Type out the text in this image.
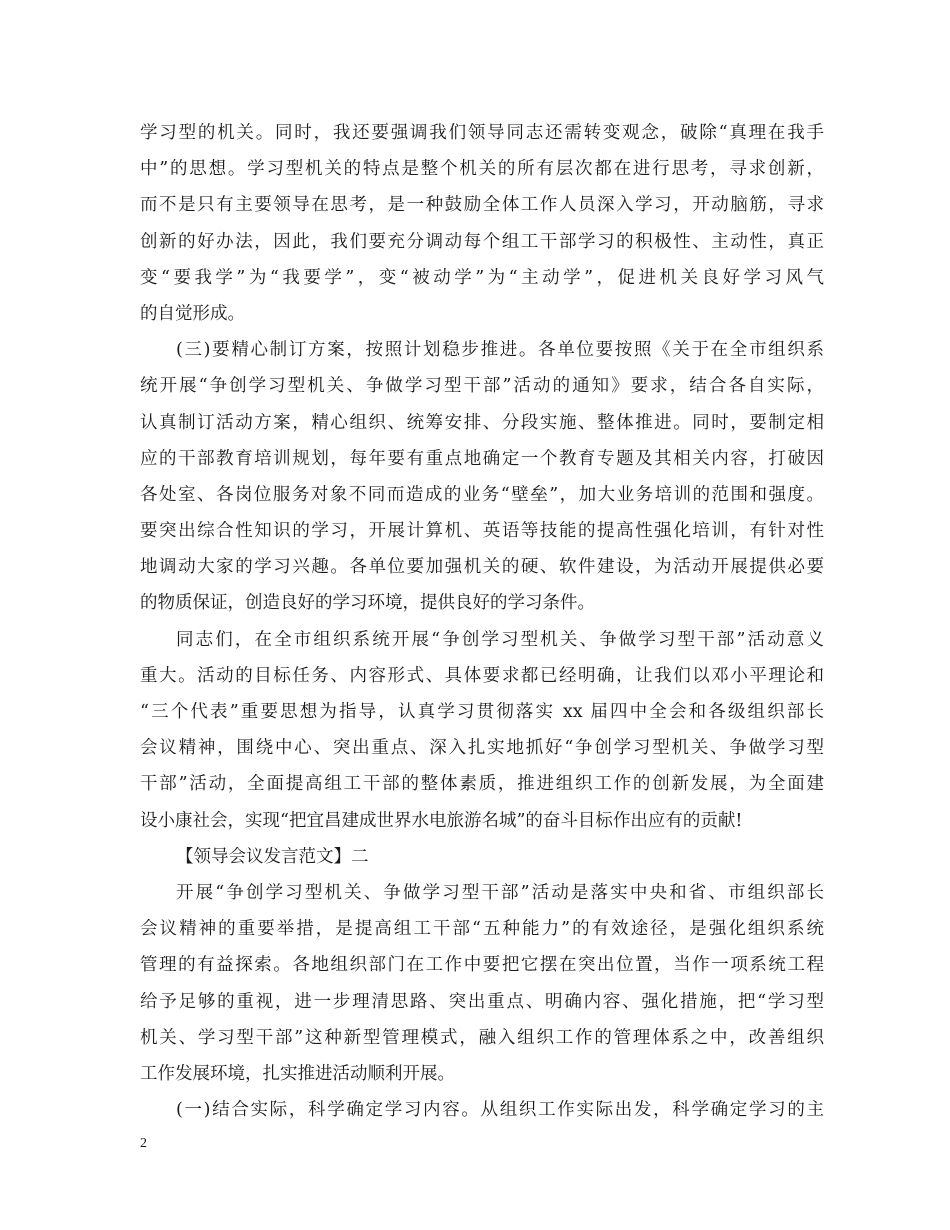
学习型的机关。同时，我还要强调我们领导同志还需转变观念，破除“真理在我手
中”的思想。学习型机关的特点是整个机关的所有层次都在进行思考，寻求创新，
而不是只有主要领导在思考，是一种鼓励全体工作人员深入学习，开动脑筋，寻求
创新的好办法，因此，我们要充分调动每个组工干部学习的积极性、主动性，真正
变“要我学”为“我要学”，变“被动学”为“主动学”，促进机关良好学习风气
的自觉形成。
(三)要精心制订方案，按照计划稳步推进。各单位要按照《关于在全市组织系
统开展“争创学习型机关、争做学习型干部”活动的通知》要求，结合各自实际，
认真制订活动方案，精心组织、统筹安排、分段实施、整体推进。同时，要制定相
应的干部教育培训规划，每年要有重点地确定一个教育专题及其相关内容，打破因
各处室、各岗位服务对象不同而造成的业务“壁垒”，加大业务培训的范围和强度。
要突出综合性知识的学习，开展计算机、英语等技能的提高性强化培训，有针对性
地调动大家的学习兴趣。各单位要加强机关的硬、软件建设，为活动开展提供必要
的物质保证，创造良好的学习环境，提供良好的学习条件。
同志们，在全市组织系统开展“争创学习型机关、争做学习型干部”活动意义
重大。活动的目标任务、内容形式、具体要求都已经明确，让我们以邓小平理论和
“三个代表”重要思想为指导，认真学习贯彻落实 xx 届四中全会和各级组织部长
会议精神，围绕中心、突出重点、深入扎实地抓好“争创学习型机关、争做学习型
干部”活动，全面提高组工干部的整体素质，推进组织工作的创新发展，为全面建
设小康社会，实现“把宜昌建成世界水电旅游名城”的奋斗目标作出应有的贡献!
【领导会议发言范文】二
开展“争创学习型机关、争做学习型干部”活动是落实中央和省、市组织部长
会议精神的重要举措，是提高组工干部“五种能力”的有效途径，是强化组织系统
管理的有益探索。各地组织部门在工作中要把它摆在突出位置，当作一项系统工程
给予足够的重视，进一步理清思路、突出重点、明确内容、强化措施，把“学习型
机关、学习型干部”这种新型管理模式，融入组织工作的管理体系之中，改善组织
工作发展环境，扎实推进活动顺利开展。
(一)结合实际，科学确定学习内容。从组织工作实际出发，科学确定学习的主
2
